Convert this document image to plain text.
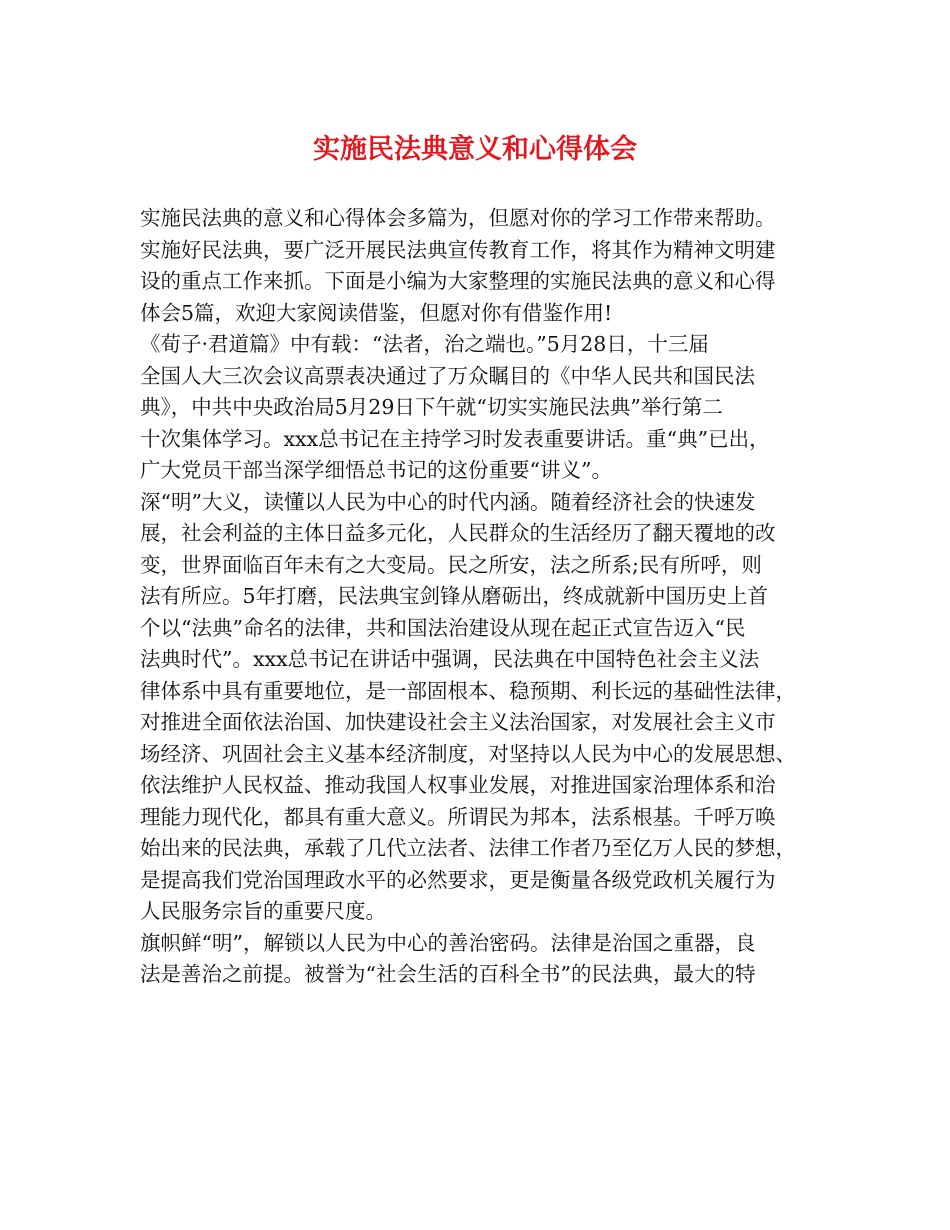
实施民法典意义和心得体会
实施民法典的意义和心得体会多篇为，但愿对你的学习工作带来帮助。
实施好民法典，要广泛开展民法典宣传教育工作，将其作为精神文明建
设的重点工作来抓。下面是小编为大家整理的实施民法典的意义和心得
体会5篇，欢迎大家阅读借鉴，但愿对你有借鉴作用!
《荀子·君道篇》中有载：“法者，治之端也。”5月28日，十三届
全国人大三次会议高票表决通过了万众瞩目的《中华人民共和国民法
典》，中共中央政治局5月29日下午就“切实实施民法典”举行第二
十次集体学习。xxx总书记在主持学习时发表重要讲话。重“典”已出，
广大党员干部当深学细悟总书记的这份重要“讲义”。
深“明”大义，读懂以人民为中心的时代内涵。随着经济社会的快速发
展，社会利益的主体日益多元化，人民群众的生活经历了翻天覆地的改
变，世界面临百年未有之大变局。民之所安，法之所系;民有所呼，则
法有所应。5年打磨，民法典宝剑锋从磨砺出，终成就新中国历史上首
个以“法典”命名的法律，共和国法治建设从现在起正式宣告迈入“民
法典时代”。xxx总书记在讲话中强调，民法典在中国特色社会主义法
律体系中具有重要地位，是一部固根本、稳预期、利长远的基础性法律，
对推进全面依法治国、加快建设社会主义法治国家，对发展社会主义市
场经济、巩固社会主义基本经济制度，对坚持以人民为中心的发展思想、
依法维护人民权益、推动我国人权事业发展，对推进国家治理体系和治
理能力现代化，都具有重大意义。所谓民为邦本，法系根基。千呼万唤
始出来的民法典，承载了几代立法者、法律工作者乃至亿万人民的梦想，
是提高我们党治国理政水平的必然要求，更是衡量各级党政机关履行为
人民服务宗旨的重要尺度。
旗帜鲜“明”，解锁以人民为中心的善治密码。法律是治国之重器，良
法是善治之前提。被誉为“社会生活的百科全书”的民法典，最大的特
